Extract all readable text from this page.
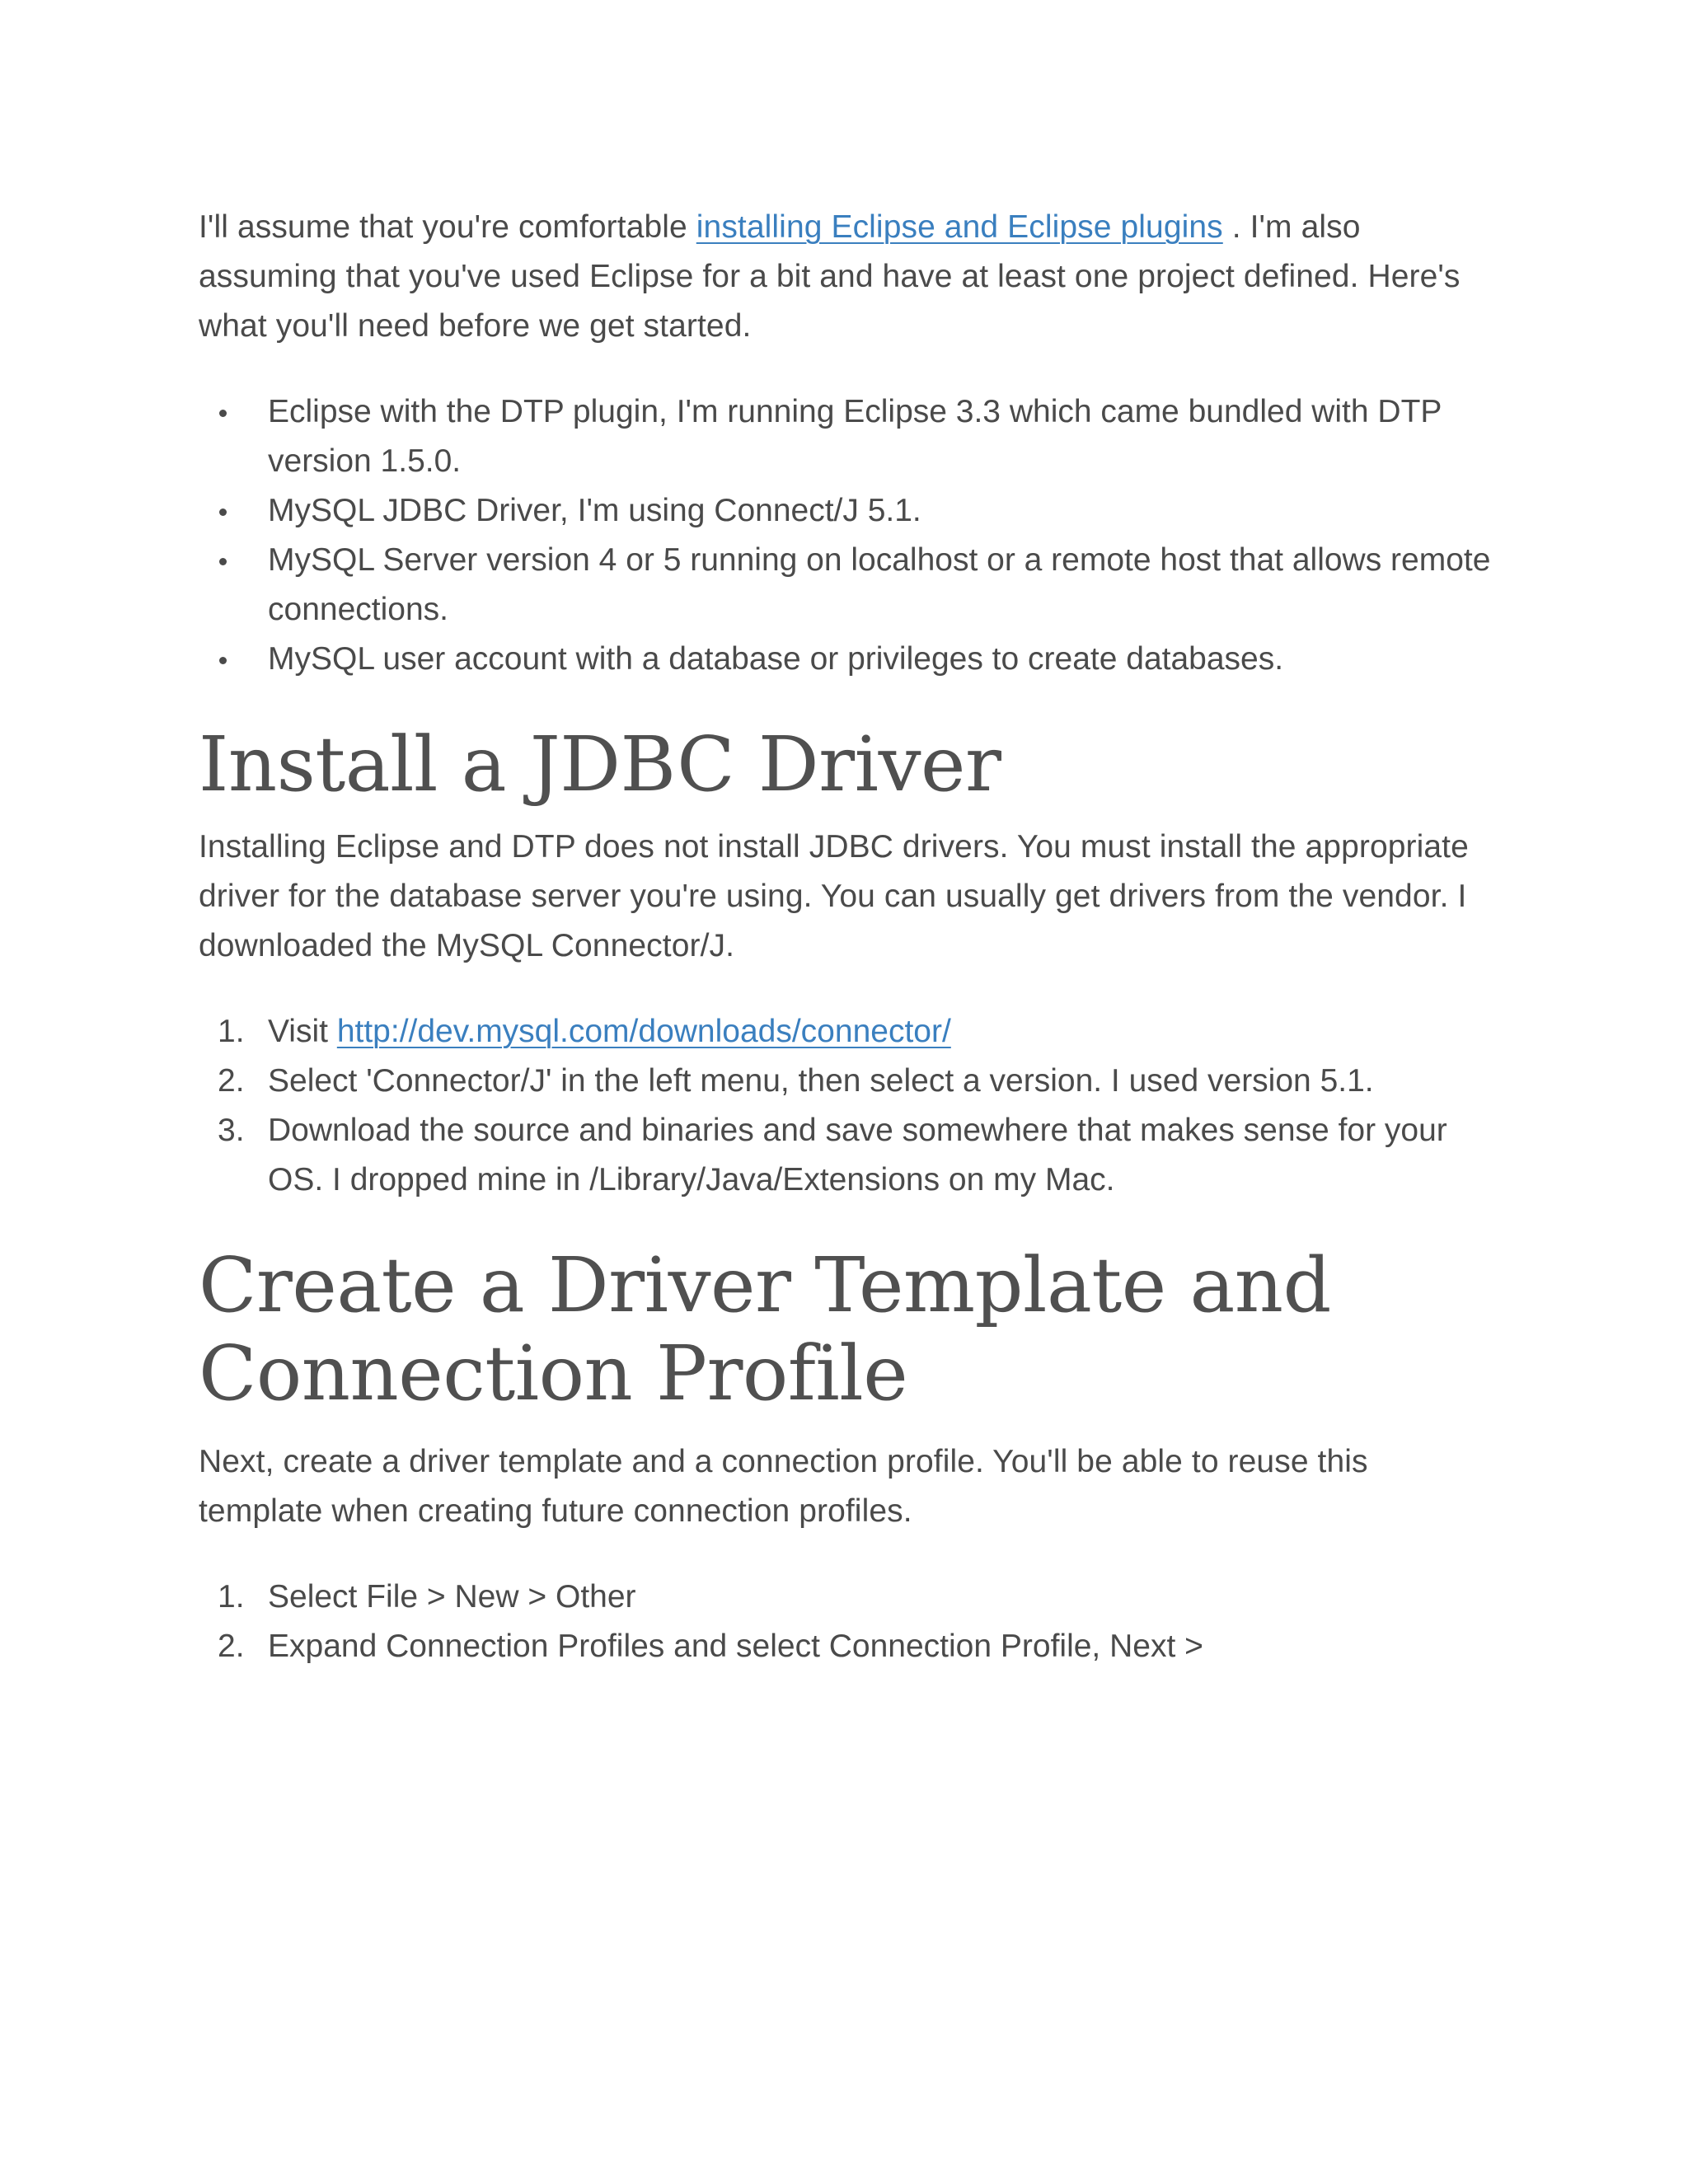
I'll assume that you're comfortable installing Eclipse and Eclipse plugins . I'm also assuming that you've used Eclipse for a bit and have at least one project defined. Here's what you'll need before we get started.

Eclipse with the DTP plugin, I'm running Eclipse 3.3 which came bundled with DTP version 1.5.0.
MySQL JDBC Driver, I'm using Connect/J 5.1.
MySQL Server version 4 or 5 running on localhost or a remote host that allows remote connections.
MySQL user account with a database or privileges to create databases.
Install a JDBC Driver

Installing Eclipse and DTP does not install JDBC drivers. You must install the appropriate driver for the database server you're using. You can usually get drivers from the vendor. I downloaded the MySQL Connector/J.

1. Visit http://dev.mysql.com/downloads/connector/
2. Select 'Connector/J' in the left menu, then select a version. I used version 5.1.
3. Download the source and binaries and save somewhere that makes sense for your OS. I dropped mine in /Library/Java/Extensions on my Mac.
Create a Driver Template and Connection Profile

Next, create a driver template and a connection profile. You'll be able to reuse this template when creating future connection profiles.

1. Select File > New > Other
2. Expand Connection Profiles and select Connection Profile, Next >
